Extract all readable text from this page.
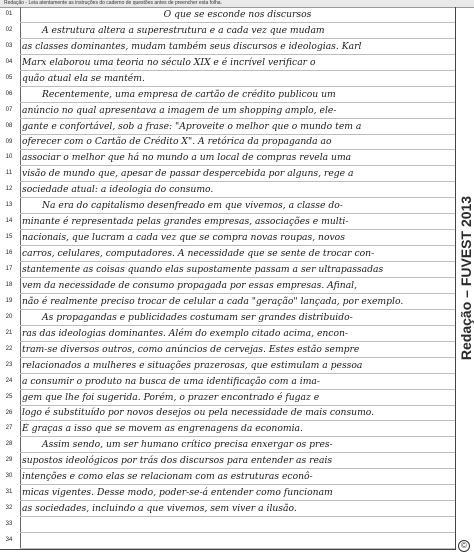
Redação - Leia atentamente as instruções do caderno de questões antes de preencher esta folha.
01
02
03
04
05
06
07
08
09
10
11
12
13
14
15
16
17
18
19
20
21
22
23
24
25
26
27
28
29
30
31
32
33
34
O que se esconde nos discursos
A estrutura altera a superestrutura e a cada vez que mudam
as classes dominantes, mudam também seus discursos e ideologias. Karl
Marx elaborou uma teoria no século XIX e é incrível verificar o
quão atual ela se mantém.
Recentemente, uma empresa de cartão de crédito publicou um
anúncio no qual apresentava a imagem de um shopping amplo, ele-
gante e confortável, sob a frase: "Aproveite o melhor que o mundo tem a
oferecer com o Cartão de Crédito X". A retórica da propaganda ao
associar o melhor que há no mundo a um local de compras revela uma
visão de mundo que, apesar de passar despercebida por alguns, rege a
sociedade atual: a ideologia do consumo.
Na era do capitalismo desenfreado em que vivemos, a classe do-
minante é representada pelas grandes empresas, associações e multi-
nacionais, que lucram a cada vez que se compra novas roupas, novos
carros, celulares, computadores. A necessidade que se sente de trocar con-
stantemente as coisas quando elas supostamente passam a ser ultrapassadas
vem da necessidade de consumo propagada por essas empresas. Afinal,
não é realmente preciso trocar de celular a cada "geração" lançada, por exemplo.
As propagandas e publicidades costumam ser grandes distribuido-
ras das ideologias dominantes. Além do exemplo citado acima, encon-
tram-se diversos outros, como anúncios de cervejas. Estes estão sempre
relacionados a mulheres e situações prazerosas, que estimulam a pessoa
a consumir o produto na busca de uma identificação com a ima-
gem que lhe foi sugerida. Porém, o prazer encontrado é fugaz e
logo é substituído por novos desejos ou pela necessidade de mais consumo.
É graças a isso que se movem as engrenagens da economia.
Assim sendo, um ser humano crítico precisa enxergar os pres-
supostos ideológicos por trás dos discursos para entender as reais
intenções e como elas se relacionam com as estruturas econô-
micas vigentes. Desse modo, poder-se-á entender como funcionam
as sociedades, incluindo a que vivemos, sem viver a ilusão.
Redação – FUVEST 2013
©
